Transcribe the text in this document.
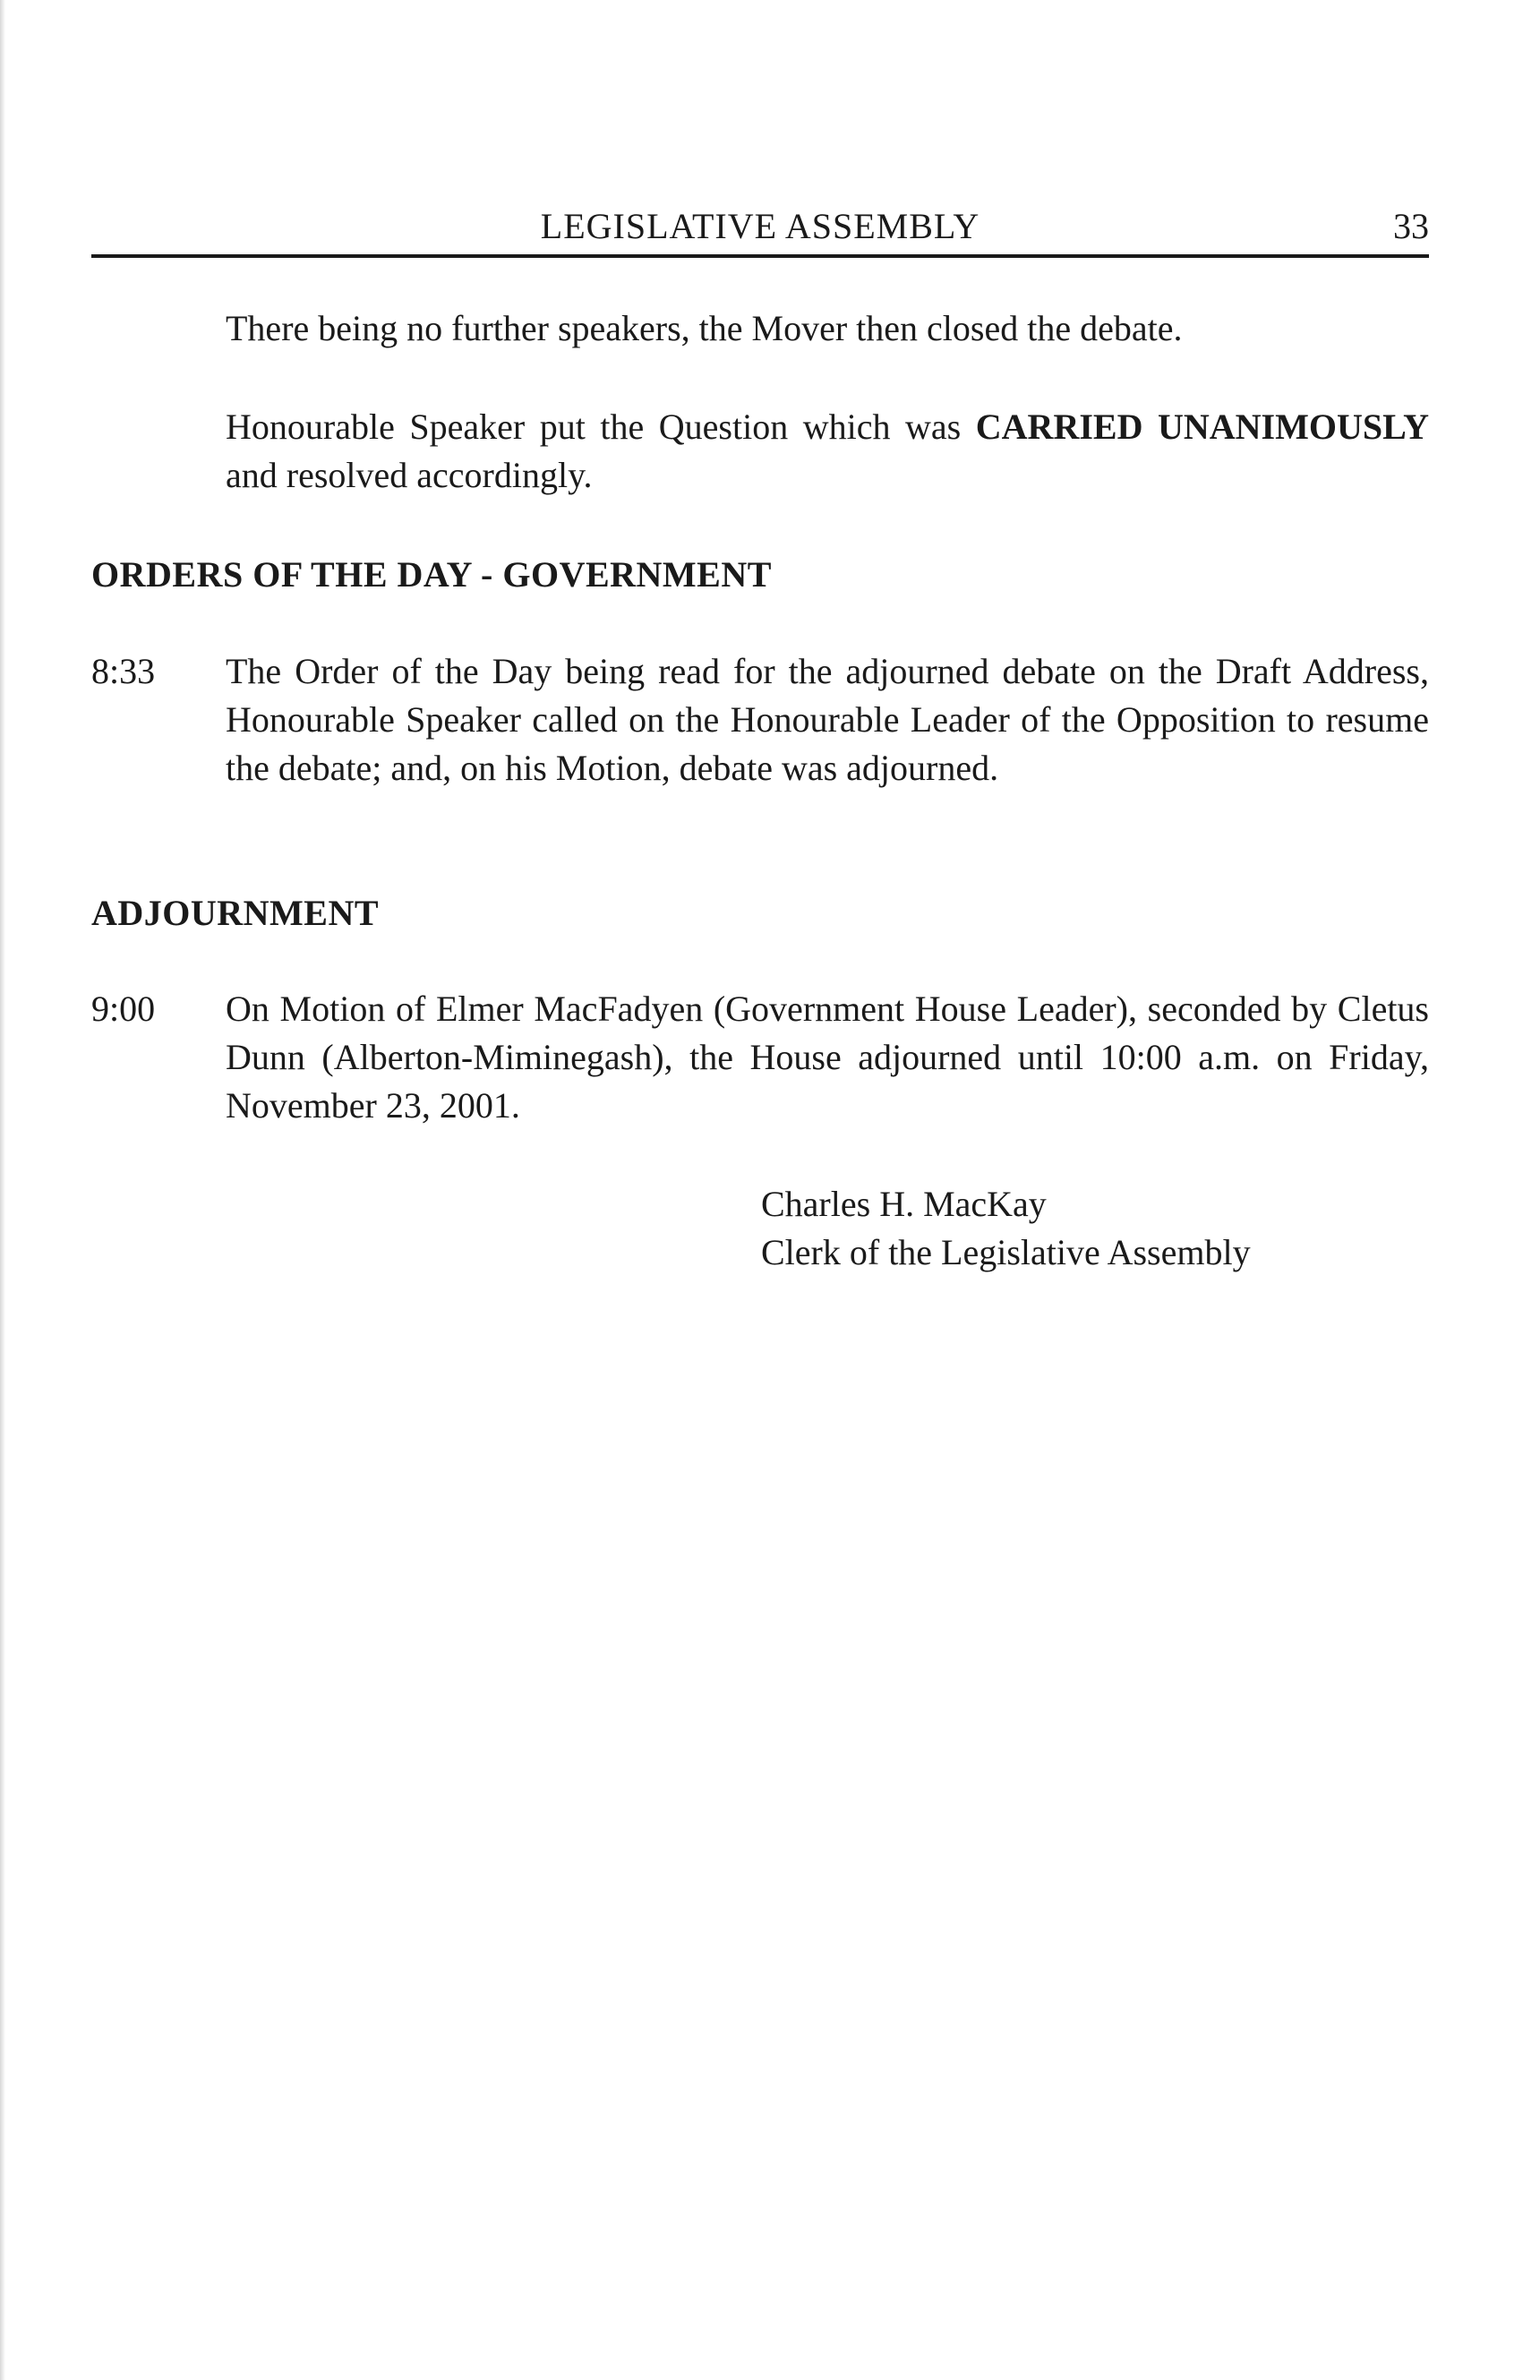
LEGISLATIVE ASSEMBLY	33
There being no further speakers, the Mover then closed the debate.
Honourable Speaker put the Question which was CARRIED UNANIMOUSLY and resolved accordingly.
ORDERS OF THE DAY - GOVERNMENT
8:33 The Order of the Day being read for the adjourned debate on the Draft Address, Honourable Speaker called on the Honourable Leader of the Opposition to resume the debate; and, on his Motion, debate was adjourned.
ADJOURNMENT
9:00 On Motion of Elmer MacFadyen (Government House Leader), seconded by Cletus Dunn (Alberton-Miminegash), the House adjourned until 10:00 a.m. on Friday, November 23, 2001.
Charles H. MacKay
Clerk of the Legislative Assembly
